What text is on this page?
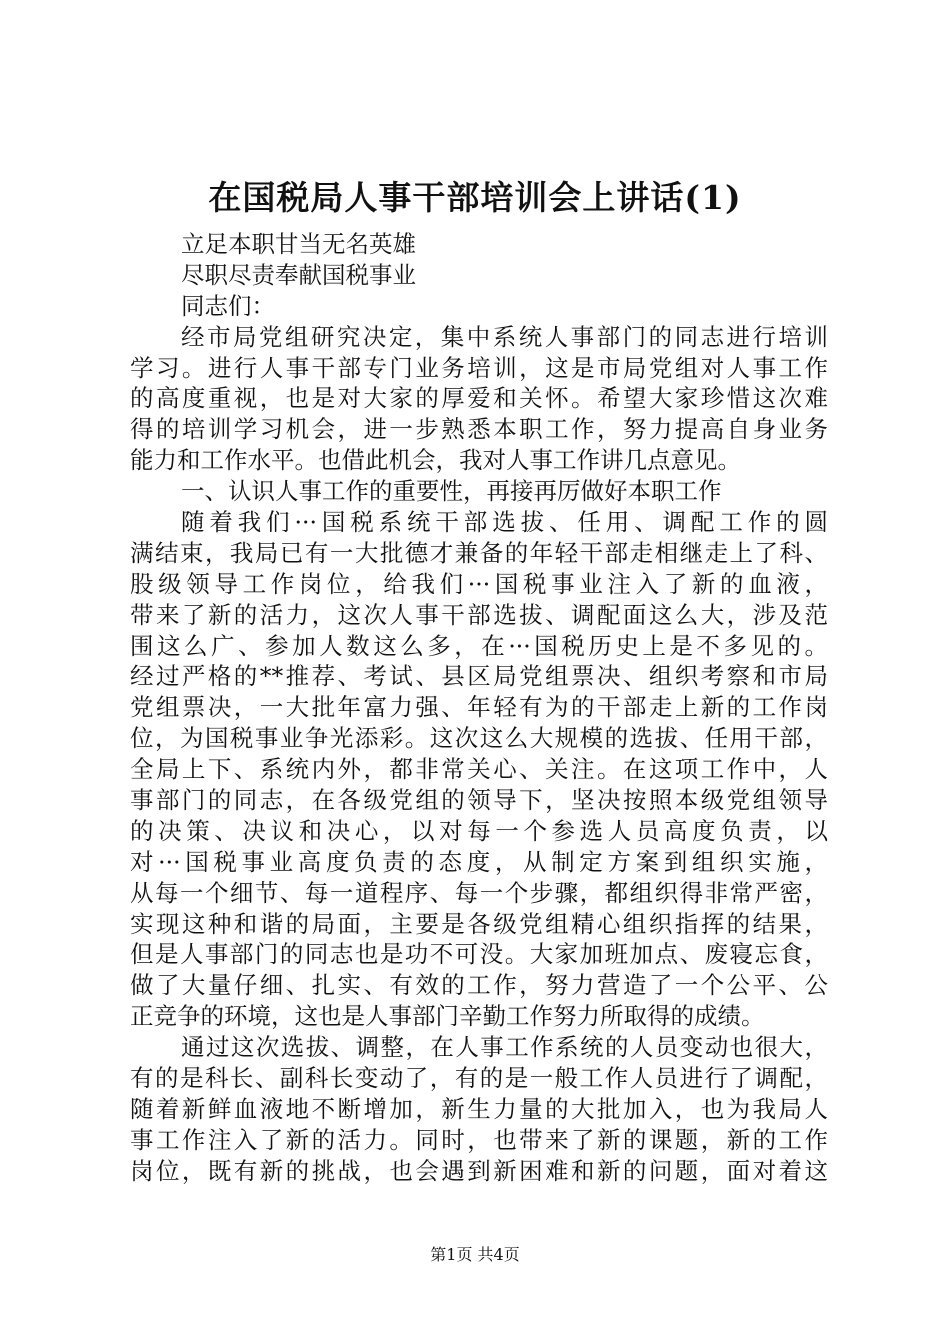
在国税局人事干部培训会上讲话(1)
立足本职甘当无名英雄
尽职尽责奉献国税事业
同志们：
经市局党组研究决定，集中系统人事部门的同志进行培训
学习。进行人事干部专门业务培训，这是市局党组对人事工作
的高度重视，也是对大家的厚爱和关怀。希望大家珍惜这次难
得的培训学习机会，进一步熟悉本职工作，努力提高自身业务
能力和工作水平。也借此机会，我对人事工作讲几点意见。
一、认识人事工作的重要性，再接再厉做好本职工作
随着我们···国税系统干部选拔、任用、调配工作的圆
满结束，我局已有一大批德才兼备的年轻干部走相继走上了科、
股级领导工作岗位，给我们···国税事业注入了新的血液，
带来了新的活力，这次人事干部选拔、调配面这么大，涉及范
围这么广、参加人数这么多，在···国税历史上是不多见的。
经过严格的**推荐、考试、县区局党组票决、组织考察和市局
党组票决，一大批年富力强、年轻有为的干部走上新的工作岗
位，为国税事业争光添彩。这次这么大规模的选拔、任用干部，
全局上下、系统内外，都非常关心、关注。在这项工作中，人
事部门的同志，在各级党组的领导下，坚决按照本级党组领导
的决策、决议和决心，以对每一个参选人员高度负责，以
对···国税事业高度负责的态度，从制定方案到组织实施，
从每一个细节、每一道程序、每一个步骤，都组织得非常严密，
实现这种和谐的局面，主要是各级党组精心组织指挥的结果，
但是人事部门的同志也是功不可没。大家加班加点、废寝忘食，
做了大量仔细、扎实、有效的工作，努力营造了一个公平、公
正竞争的环境，这也是人事部门辛勤工作努力所取得的成绩。
通过这次选拔、调整，在人事工作系统的人员变动也很大，
有的是科长、副科长变动了，有的是一般工作人员进行了调配，
随着新鲜血液地不断增加，新生力量的大批加入，也为我局人
事工作注入了新的活力。同时，也带来了新的课题，新的工作
岗位，既有新的挑战，也会遇到新困难和新的问题，面对着这
第1页 共4页
